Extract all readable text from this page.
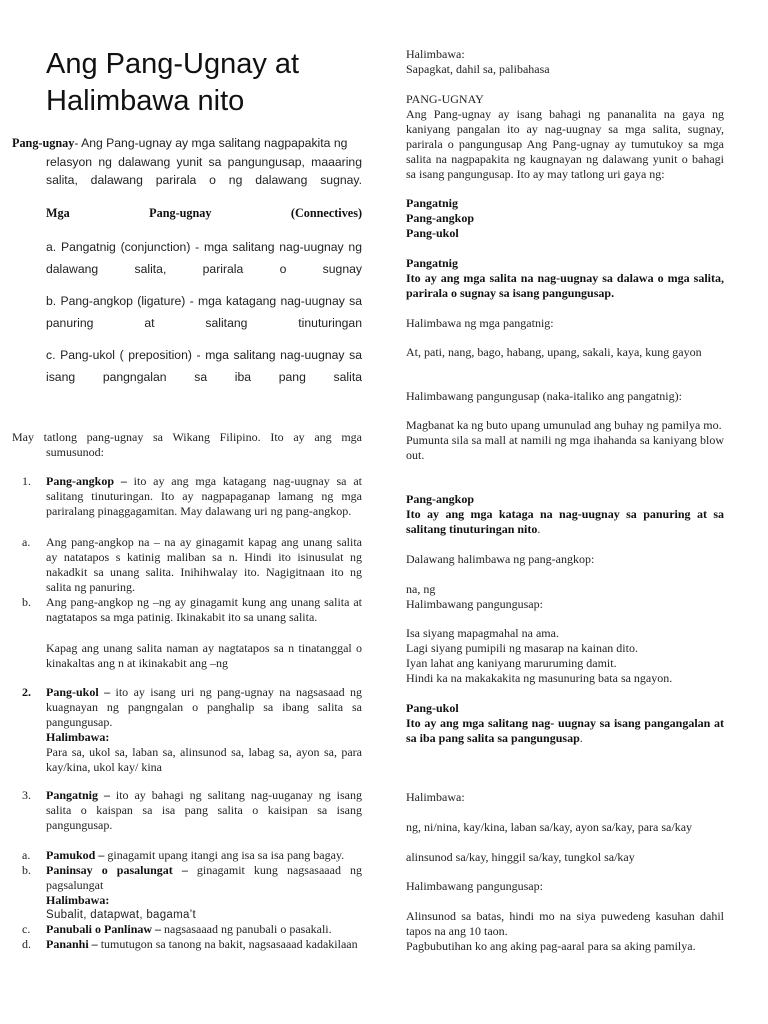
Ang Pang-Ugnay at
Halimbawa nito
Pang-ugnay- Ang Pang-ugnay ay mga salitang nagpapakita ng
relasyon ng dalawang yunit sa pangungusap, maaaring
salita, dalawang parirala o ng dalawang sugnay.
Mga	Pang-ugnay	(Connectives)
a. Pangatnig (conjunction) - mga salitang nag-uugnay ng
dalawang salita, parirala o sugnay
b. Pang-angkop (ligature) - mga katagang nag-uugnay sa
panuring at salitang tinuturingan
c. Pang-ukol ( preposition) - mga salitang nag-uugnay sa
isang pangngalan sa iba pang salita
May tatlong pang-ugnay sa Wikang Filipino. Ito ay ang mga
sumusunod:
1.	Pang-angkop – ito ay ang mga katagang nag-uugnay sa at salitang tinuturingan. Ito ay nagpapaganap lamang ng mga pariralang pinaggagamitan. May dalawang uri ng pang-angkop.
a.	Ang pang-angkop na – na ay ginagamit kapag ang unang salita ay natatapos s katinig maliban sa n. Hindi ito isinusulat ng nakadkit sa unang salita. Inihihwalay ito. Nagigitnaan ito ng salita ng panuring.
b.	Ang pang-angkop ng –ng ay ginagamit kung ang unang salita at nagtatapos sa mga patinig. Ikinakabit ito sa unang salita.
Kapag ang unang salita naman ay nagtatapos sa n tinatanggal o kinakaltas ang n at ikinakabit ang –ng
2.	Pang-ukol – ito ay isang uri ng pang-ugnay na nagsasaad ng kuagnayan ng pangngalan o panghalip sa ibang salita sa pangungusap.
Halimbawa:
Para sa, ukol sa, laban sa, alinsunod sa, labag sa, ayon sa, para kay/kina, ukol kay/ kina
3.	Pangatnig – ito ay bahagi ng salitang nag-uuganay ng isang salita o kaispan sa isa pang salita o kaisipan sa isang pangungusap.
a.	Pamukod – ginagamit upang itangi ang isa sa isa pang bagay.
b.	Paninsay o pasalungat – ginagamit kung nagsasaaad ng pagsalungat
Halimbawa:
Subalit, datapwat, bagama’t
c.	Panubali o Panlinaw – nagsasaaad ng panubali o pasakali.
d.	Pananhi – tumutugon sa tanong na bakit, nagsasaaad kadakilaan
Halimbawa:
Sapagkat, dahil sa, palibahasa
PANG-UGNAY
Ang Pang-ugnay ay isang bahagi ng pananalita na gaya ng kaniyang pangalan ito ay nag-uugnay sa mga salita, sugnay, parirala o pangungusap Ang Pang-ugnay ay tumutukoy sa mga salita na nagpapakita ng kaugnayan ng dalawang yunit o bahagi sa isang pangungusap. Ito ay may tatlong uri gaya ng:
Pangatnig
Pang-angkop
Pang-ukol
Pangatnig
Ito ay ang mga salita na nag-uugnay sa dalawa o mga salita, parirala o sugnay sa isang pangungusap.
Halimbawa ng mga pangatnig:
At, pati, nang, bago, habang, upang, sakali, kaya, kung gayon
Halimbawang pangungusap (naka-italiko ang pangatnig):
Magbanat ka ng buto upang umunulad ang buhay ng pamilya mo.
Pumunta sila sa mall at namili ng mga ihahanda sa kaniyang blow out.
Pang-angkop
Ito ay ang mga kataga na nag-uugnay sa panuring at sa salitang tinuturingan nito.
Dalawang halimbawa ng pang-angkop:
na, ng
Halimbawang pangungusap:
Isa siyang mapagmahal na ama.
Lagi siyang pumipili ng masarap na kainan dito.
Iyan lahat ang kaniyang maruruming damit.
Hindi ka na makakakita ng masunuring bata sa ngayon.
Pang-ukol
Ito ay ang mga salitang nag- uugnay sa isang pangangalan at sa iba pang salita sa pangungusap.
Halimbawa:
ng, ni/nina, kay/kina, laban sa/kay, ayon sa/kay, para sa/kay
alinsunod sa/kay, hinggil sa/kay, tungkol sa/kay
Halimbawang pangungusap:
Alinsunod sa batas, hindi mo na siya puwedeng kasuhan dahil tapos na ang 10 taon.
Pagbubutihan ko ang aking pag-aaral para sa aking pamilya.
